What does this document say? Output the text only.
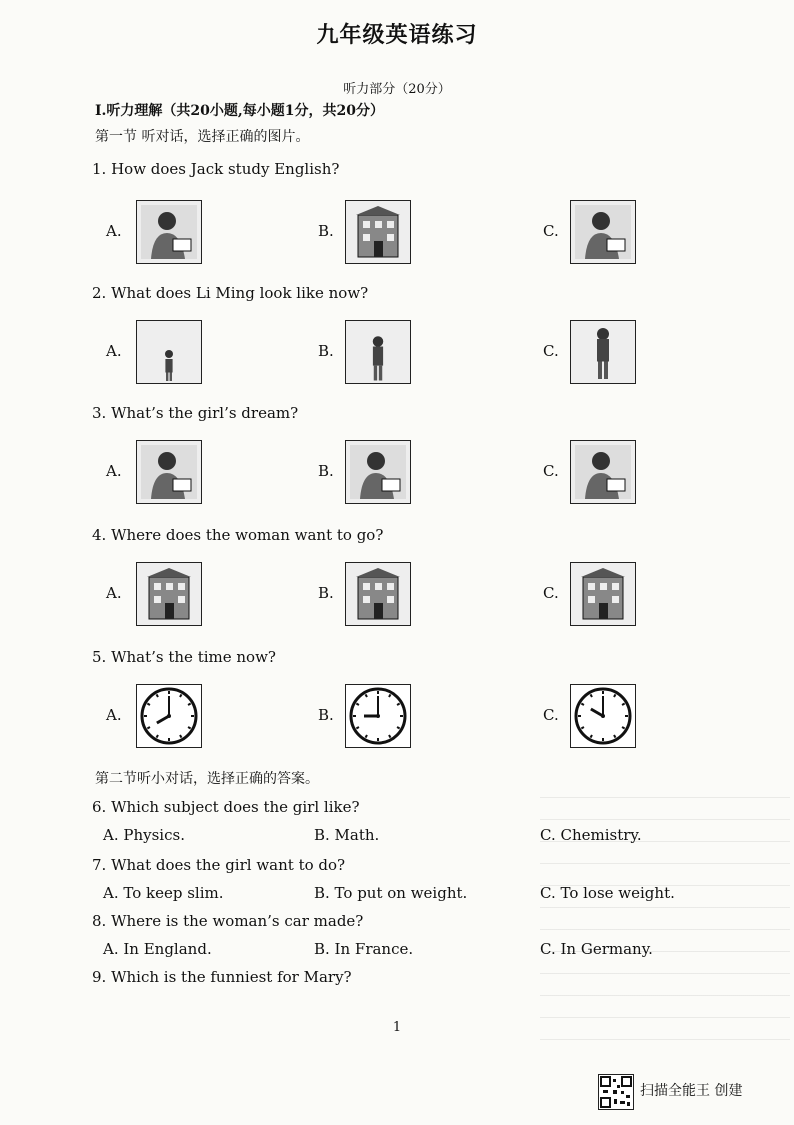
九年级英语练习
听力部分（20分）
Ⅰ.听力理解（共20小题,每小题1分，共20分）
第一节 听对话，选择正确的图片。
1. How does Jack study English?
A.	B.	C.
2. What does Li Ming look like now?
A.	B.	C.
3. What’s the girl’s dream?
A.	B.	C.
4. Where does the woman want to go?
A.	B.	C.
5. What’s the time now?
A.	B.	C.
第二节听小对话，选择正确的答案。
6. Which subject does the girl like?
A. Physics.	B. Math.	C. Chemistry.
7. What does the girl want to do?
A. To keep slim.	B. To put on weight.	C. To lose weight.
8. Where is the woman’s car made?
A. In England.	B. In France.	C. In Germany.
9. Which is the funniest for Mary?
1
扫描全能王 创建
